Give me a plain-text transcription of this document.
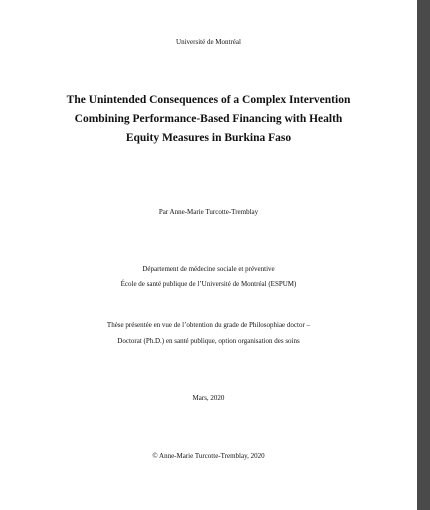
Université de Montréal
The Unintended Consequences of a Complex Intervention
Combining Performance-Based Financing with Health
Equity Measures in Burkina Faso
Par Anne-Marie Turcotte-Tremblay
Département de médecine sociale et préventive
École de santé publique de l’Université de Montréal (ESPUM)
Thèse présentée en vue de l’obtention du grade de Philosophiae doctor –
Doctorat (Ph.D.) en santé publique, option organisation des soins
Mars, 2020
© Anne-Marie Turcotte-Tremblay, 2020
